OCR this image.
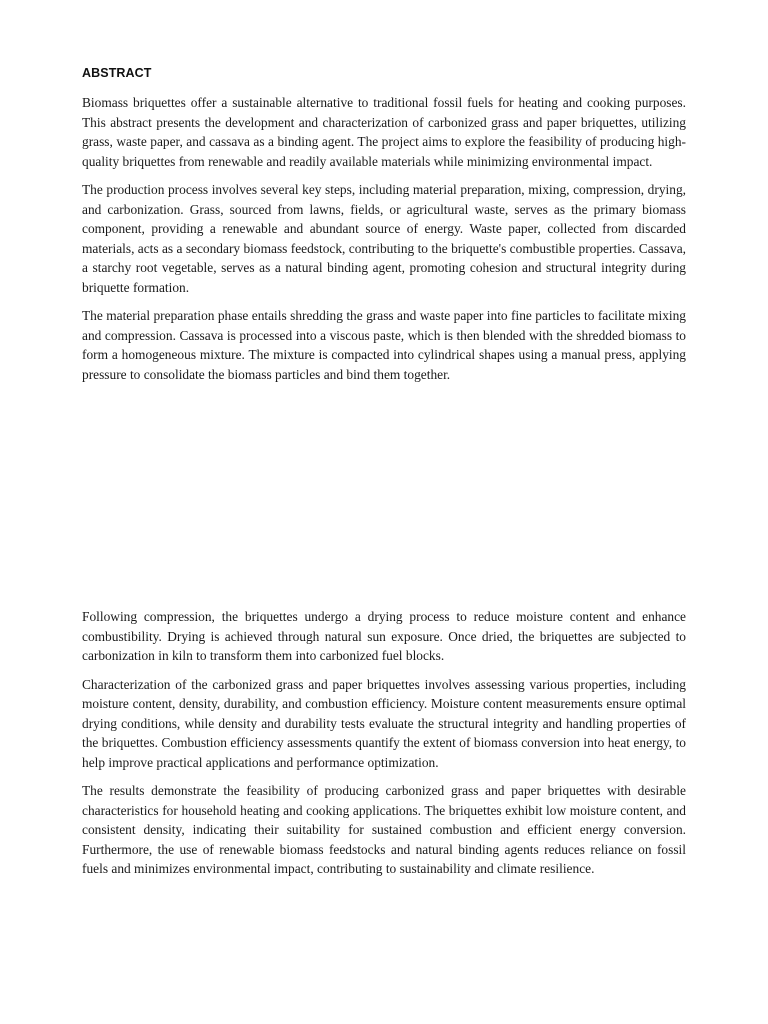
ABSTRACT

Biomass briquettes offer a sustainable alternative to traditional fossil fuels for heating and cooking purposes. This abstract presents the development and characterization of carbonized grass and paper briquettes, utilizing grass, waste paper, and cassava as a binding agent. The project aims to explore the feasibility of producing high-quality briquettes from renewable and readily available materials while minimizing environmental impact.

The production process involves several key steps, including material preparation, mixing, compression, drying, and carbonization. Grass, sourced from lawns, fields, or agricultural waste, serves as the primary biomass component, providing a renewable and abundant source of energy. Waste paper, collected from discarded materials, acts as a secondary biomass feedstock, contributing to the briquette's combustible properties. Cassava, a starchy root vegetable, serves as a natural binding agent, promoting cohesion and structural integrity during briquette formation.

The material preparation phase entails shredding the grass and waste paper into fine particles to facilitate mixing and compression. Cassava is processed into a viscous paste, which is then blended with the shredded biomass to form a homogeneous mixture. The mixture is compacted into cylindrical shapes using a manual press, applying pressure to consolidate the biomass particles and bind them together.

Following compression, the briquettes undergo a drying process to reduce moisture content and enhance combustibility. Drying is achieved through natural sun exposure. Once dried, the briquettes are subjected to carbonization in kiln to transform them into carbonized fuel blocks.

Characterization of the carbonized grass and paper briquettes involves assessing various properties, including moisture content, density, durability, and combustion efficiency. Moisture content measurements ensure optimal drying conditions, while density and durability tests evaluate the structural integrity and handling properties of the briquettes. Combustion efficiency assessments quantify the extent of biomass conversion into heat energy, to help improve practical applications and performance optimization.

The results demonstrate the feasibility of producing carbonized grass and paper briquettes with desirable characteristics for household heating and cooking applications. The briquettes exhibit low moisture content, and consistent density, indicating their suitability for sustained combustion and efficient energy conversion. Furthermore, the use of renewable biomass feedstocks and natural binding agents reduces reliance on fossil fuels and minimizes environmental impact, contributing to sustainability and climate resilience.
